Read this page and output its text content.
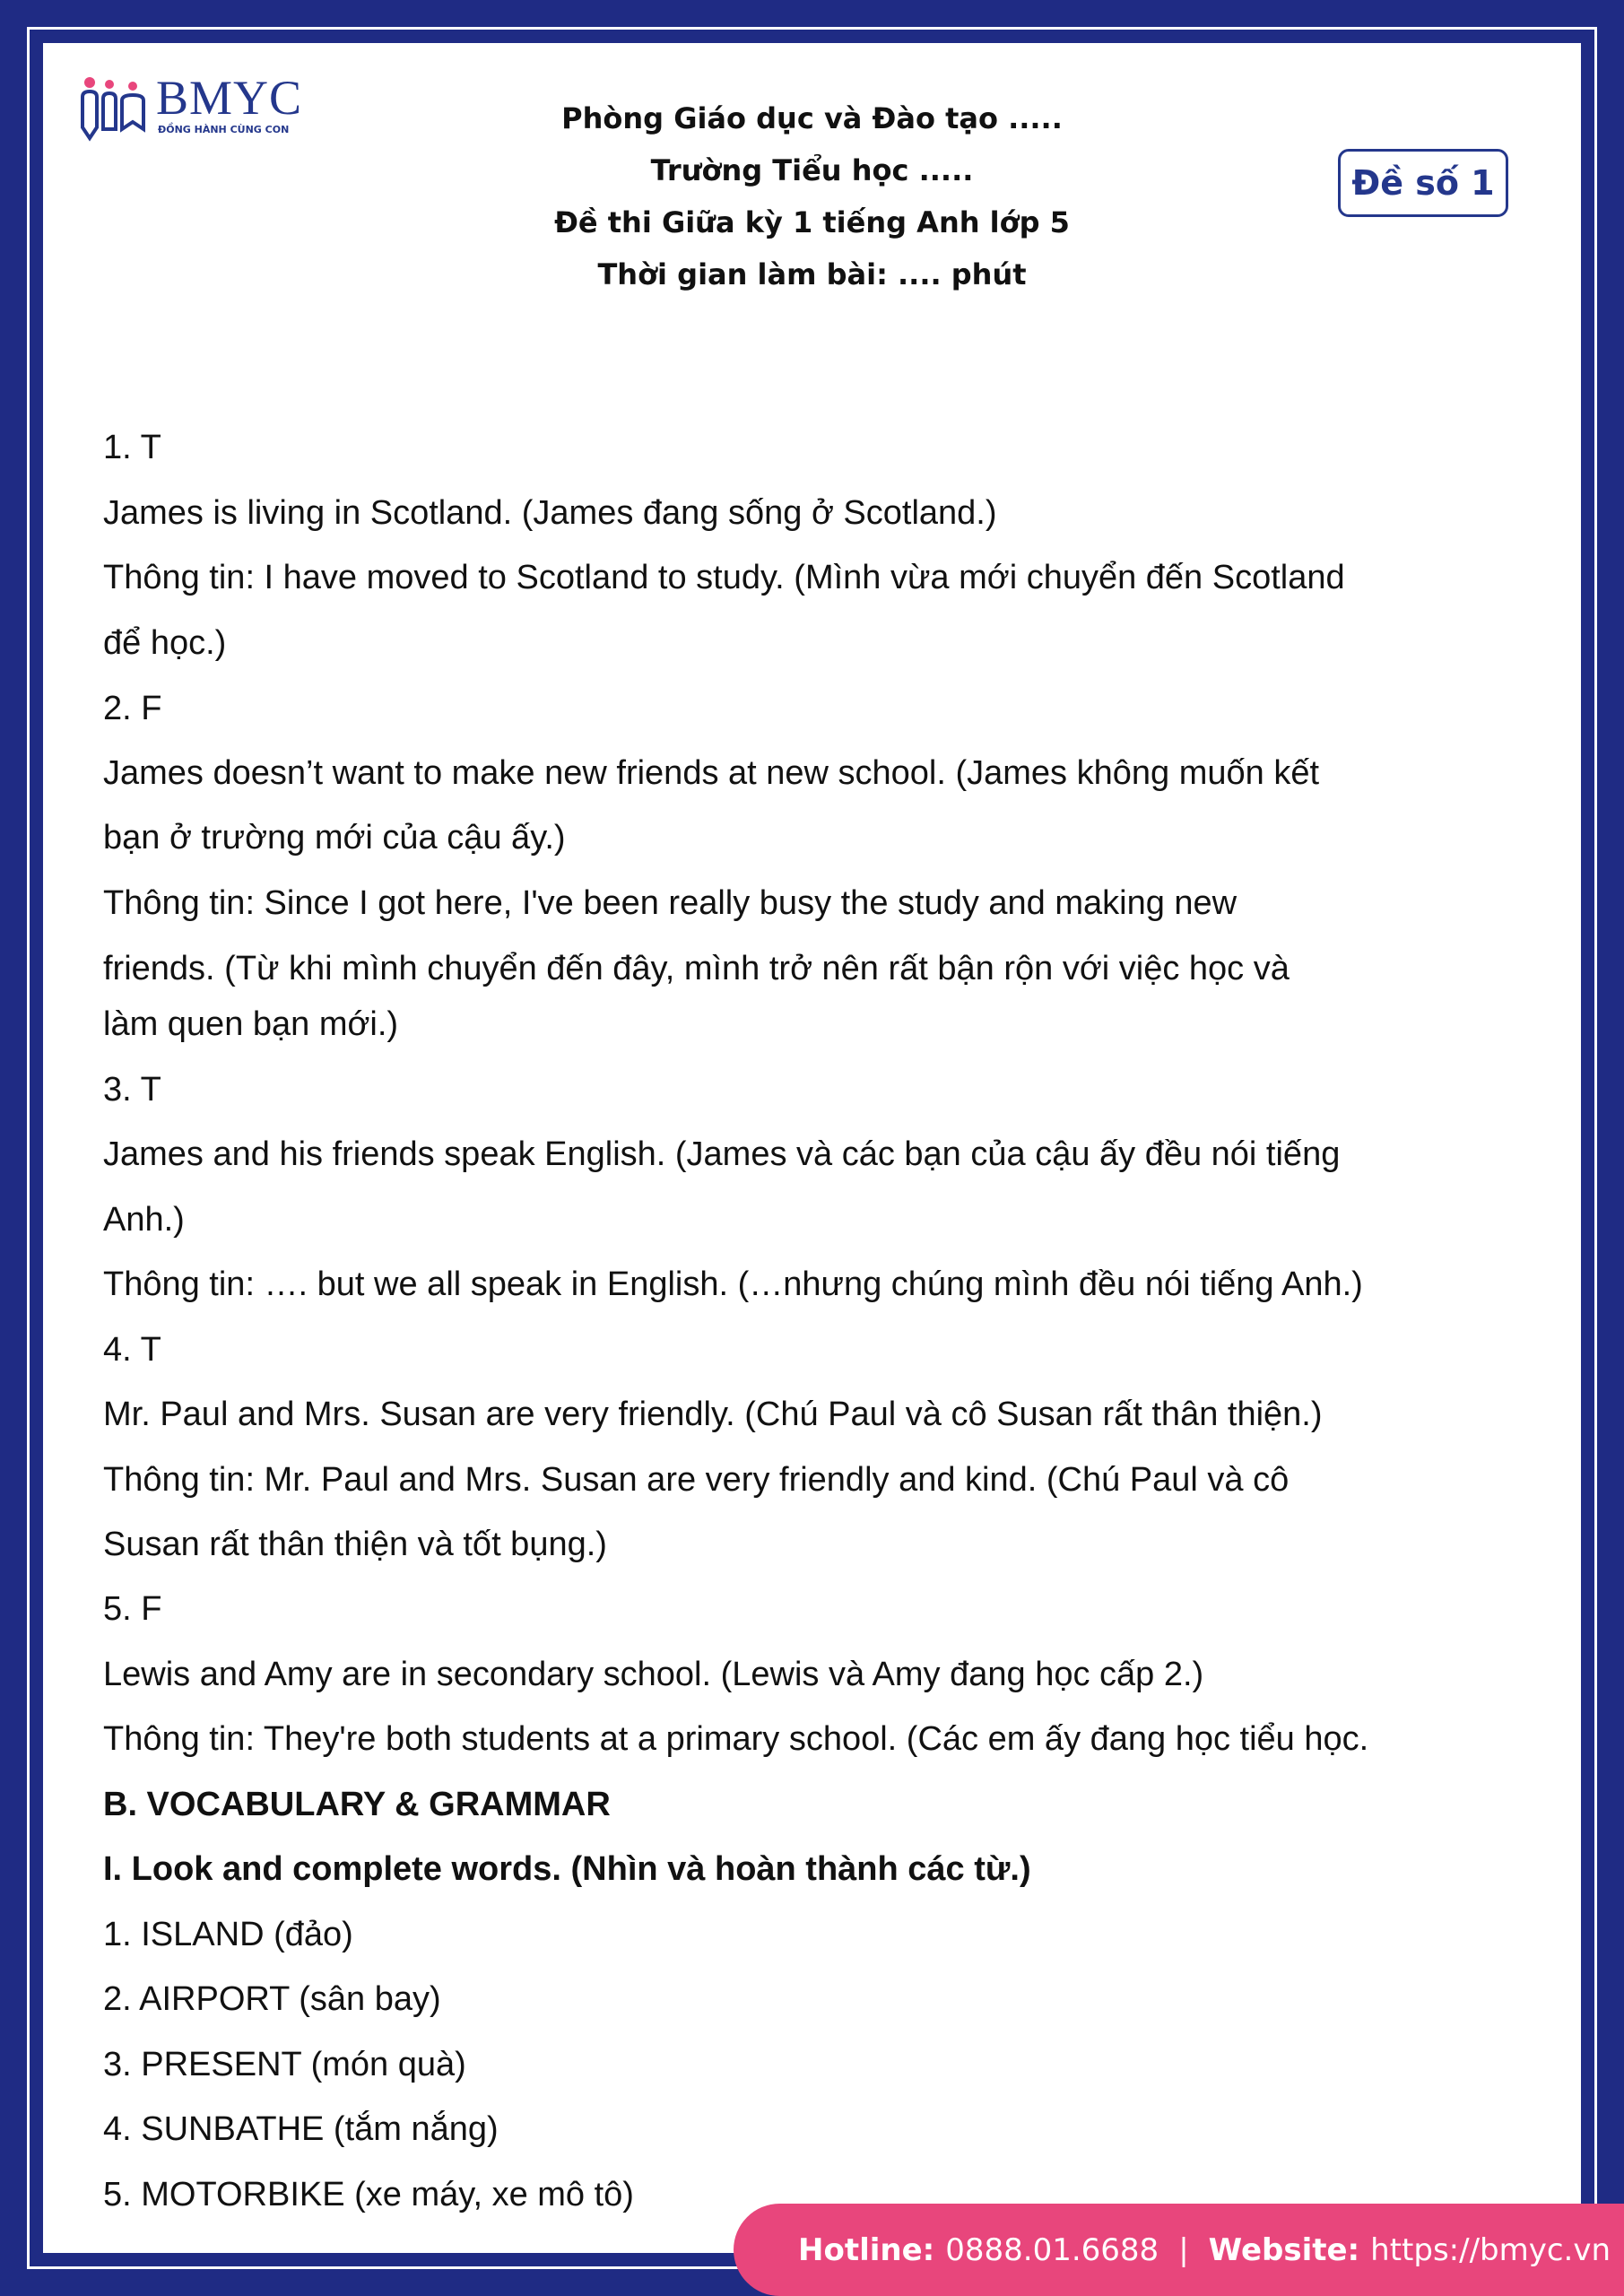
BMYC
ĐỒNG HÀNH CÙNG CON	Phòng Giáo dục và Đào tạo .....
Trường Tiểu học .....
Đề thi Giữa kỳ 1 tiếng Anh lớp 5
Thời gian làm bài: .... phút
Đề số 1
1. T
James is living in Scotland. (James đang sống ở Scotland.)
Thông tin: I have moved to Scotland to study. (Mình vừa mới chuyển đến Scotland
để học.)
2. F
James doesn’t want to make new friends at new school. (James không muốn kết
bạn ở trường mới của cậu ấy.)
Thông tin: Since I got here, I've been really busy the study and making new
friends. (Từ khi mình chuyển đến đây, mình trở nên rất bận rộn với việc học và
làm quen bạn mới.)
3. T
James and his friends speak English. (James và các bạn của cậu ấy đều nói tiếng
Anh.)
Thông tin: …. but we all speak in English. (…nhưng chúng mình đều nói tiếng Anh.)
4. T
Mr. Paul and Mrs. Susan are very friendly. (Chú Paul và cô Susan rất thân thiện.)
Thông tin: Mr. Paul and Mrs. Susan are very friendly and kind. (Chú Paul và cô
Susan rất thân thiện và tốt bụng.)
5. F
Lewis and Amy are in secondary school. (Lewis và Amy đang học cấp 2.)
Thông tin: They're both students at a primary school. (Các em ấy đang học tiểu học.
B. VOCABULARY & GRAMMAR
I. Look and complete words. (Nhìn và hoàn thành các từ.)
1. ISLAND (đảo)
2. AIRPORT (sân bay)
3. PRESENT (món quà)
4. SUNBATHE (tắm nắng)
5. MOTORBIKE (xe máy, xe mô tô)
Hotline: 0888.01.6688 | Website: https://bmyc.vn
